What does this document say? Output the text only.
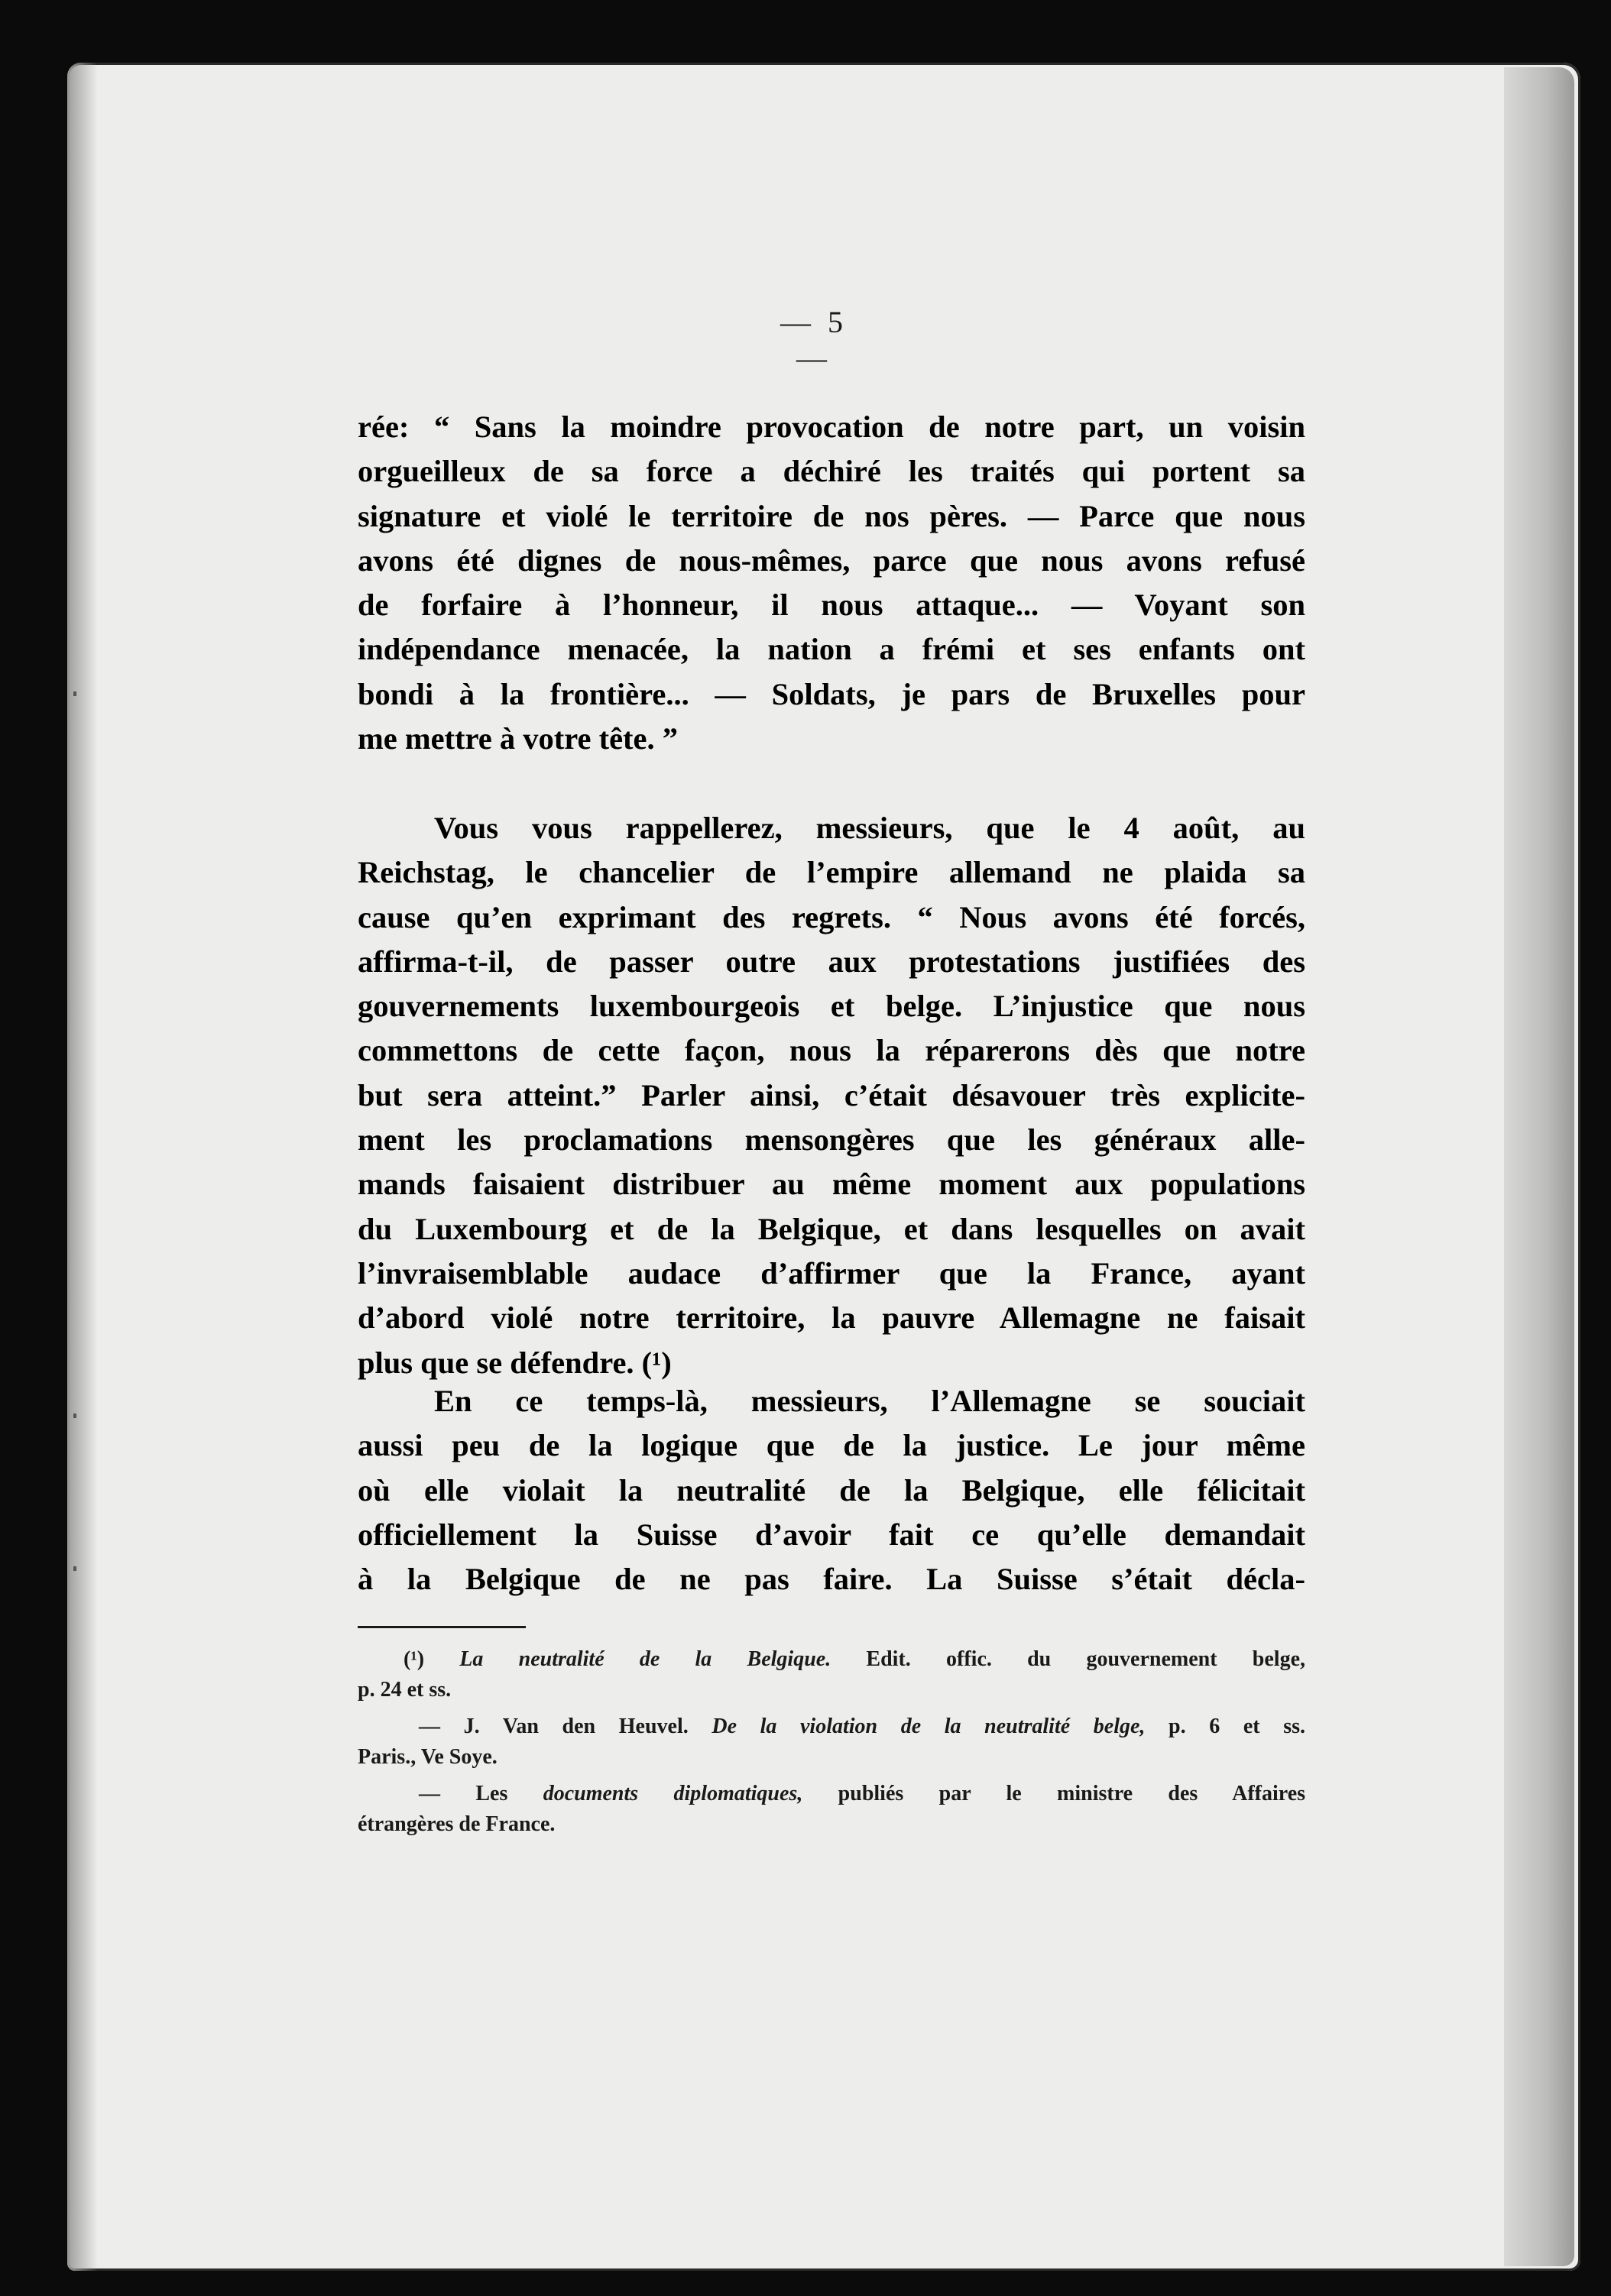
— 5 —
rée: “ Sans la moindre provocation de notre part, un voisin
orgueilleux de sa force a déchiré les traités qui portent sa
signature et violé le territoire de nos pères. — Parce que nous
avons été dignes de nous-mêmes, parce que nous avons refusé
de forfaire à l’honneur, il nous attaque... — Voyant son
indépendance menacée, la nation a frémi et ses enfants ont
bondi à la frontière... — Soldats, je pars de Bruxelles pour
me mettre à votre tête. ”
Vous vous rappellerez, messieurs, que le 4 août, au
Reichstag, le chancelier de l’empire allemand ne plaida sa
cause qu’en exprimant des regrets. “ Nous avons été forcés,
affirma-t-il, de passer outre aux protestations justifiées des
gouvernements luxembourgeois et belge. L’injustice que nous
commettons de cette façon, nous la réparerons dès que notre
but sera atteint.” Parler ainsi, c’était désavouer très explicite-
ment les proclamations mensongères que les généraux alle-
mands faisaient distribuer au même moment aux populations
du Luxembourg et de la Belgique, et dans lesquelles on avait
l’invraisemblable audace d’affirmer que la France, ayant
d’abord violé notre territoire, la pauvre Allemagne ne faisait
plus que se défendre. (¹)
En ce temps-là, messieurs, l’Allemagne se souciait
aussi peu de la logique que de la justice. Le jour même
où elle violait la neutralité de la Belgique, elle félicitait
officiellement la Suisse d’avoir fait ce qu’elle demandait
à la Belgique de ne pas faire. La Suisse s’était décla-
(¹) La neutralité de la Belgique. Edit. offic. du gouvernement belge,
p. 24 et ss.
— J. Van den Heuvel. De la violation de la neutralité belge, p. 6 et ss.
Paris., Ve Soye.
— Les documents diplomatiques, publiés par le ministre des Affaires
étrangères de France.
